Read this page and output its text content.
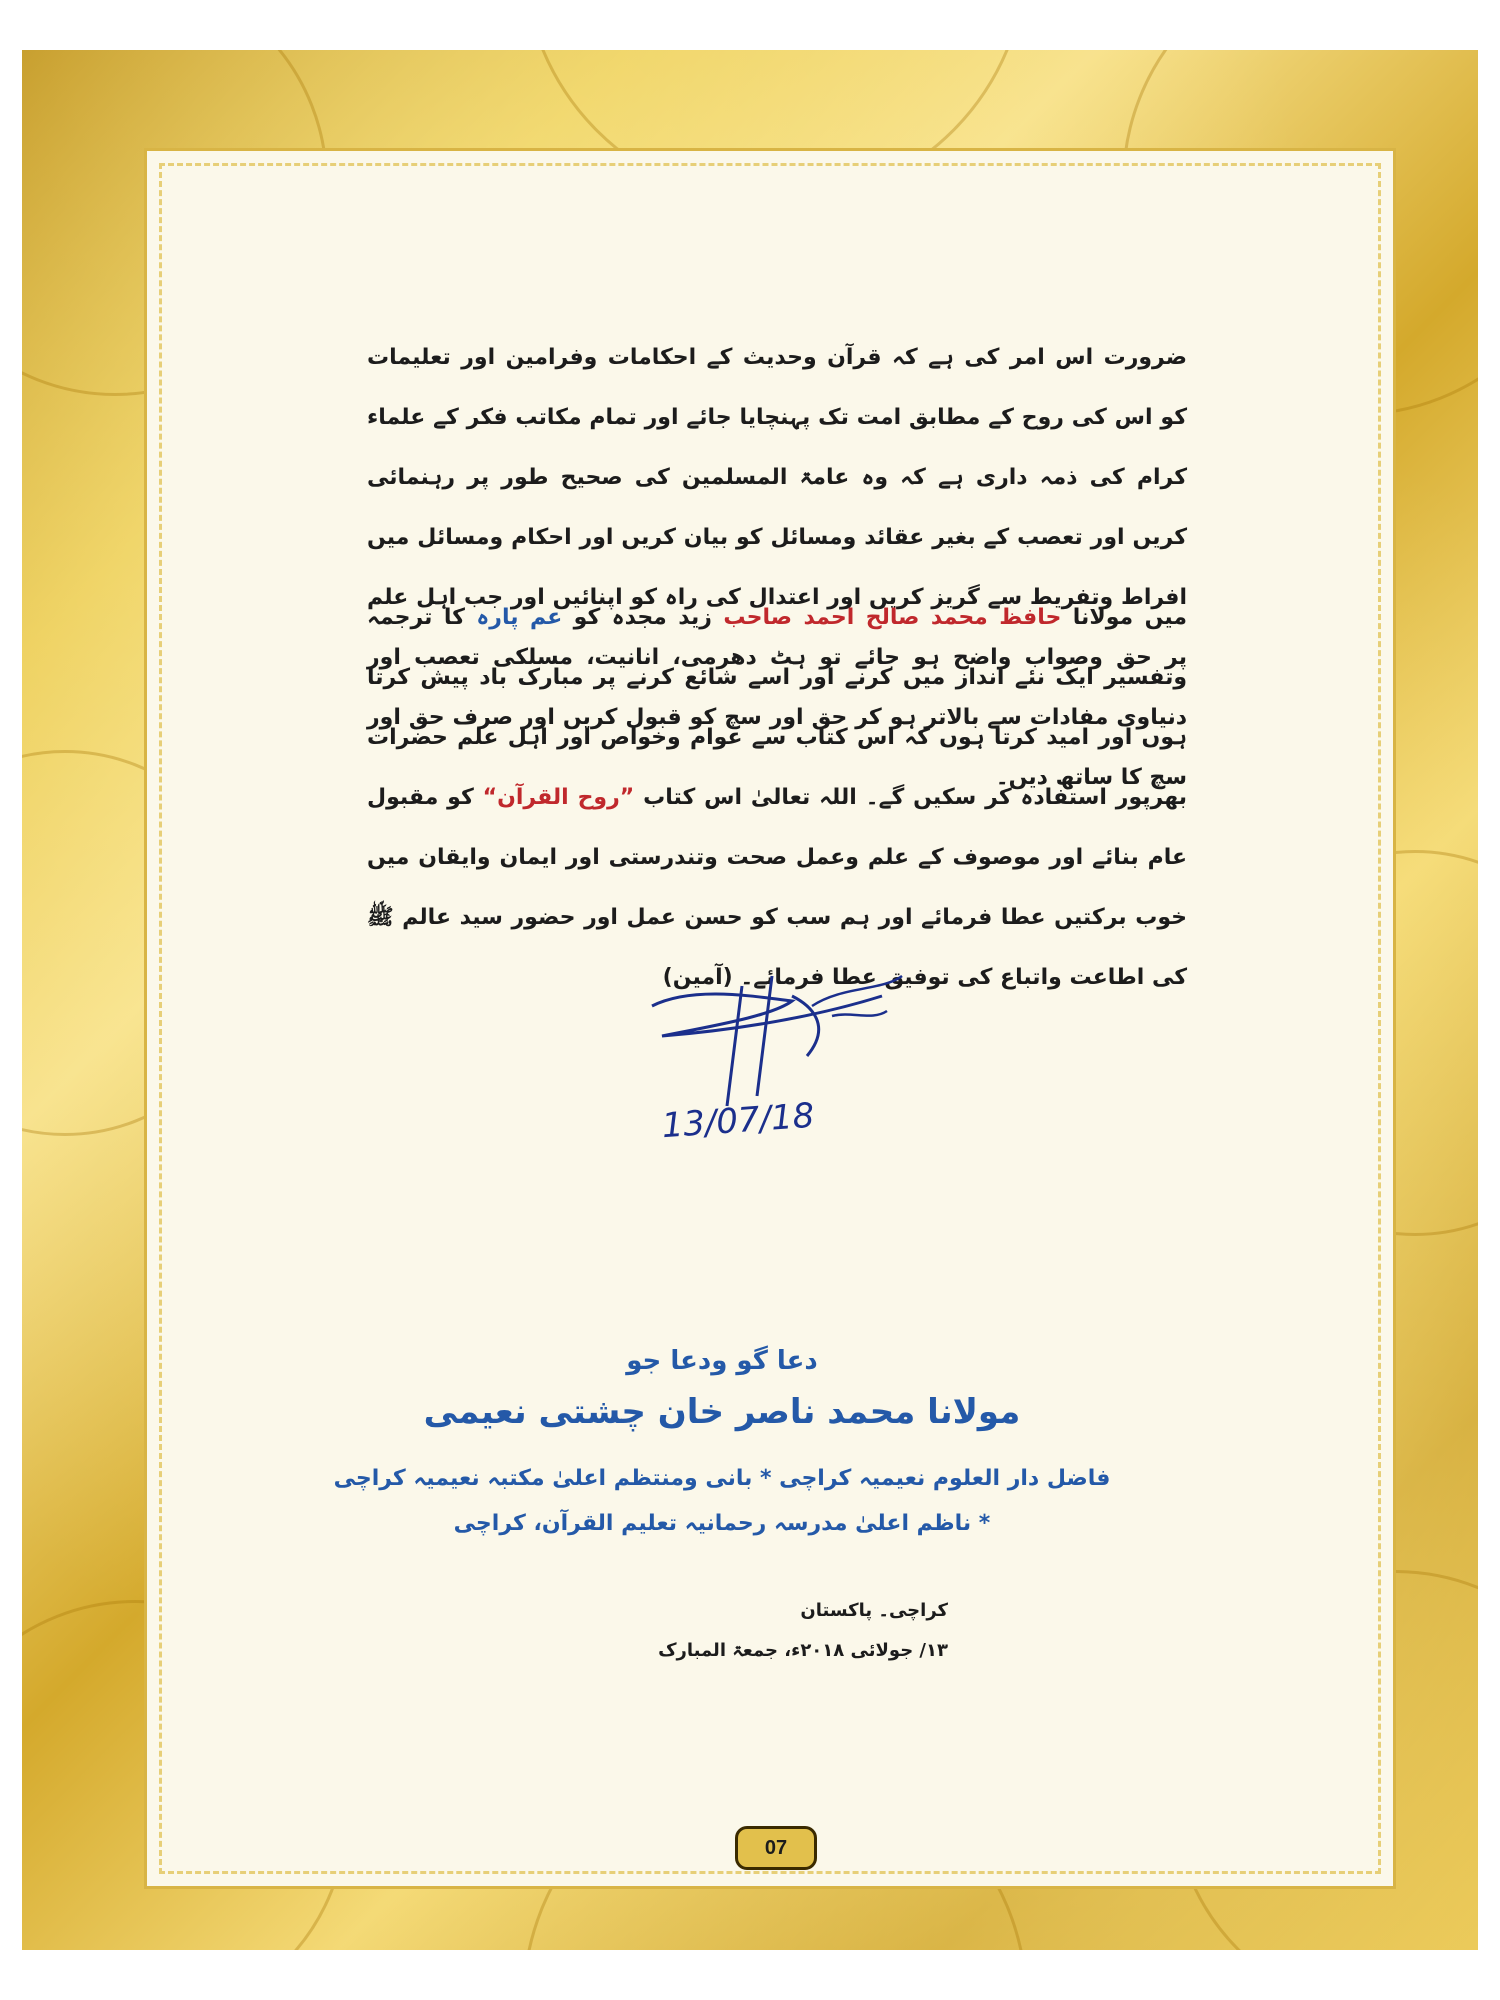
ضرورت اس امر کی ہے کہ قرآن وحدیث کے احکامات وفرامین اور تعلیمات کو اس کی روح کے مطابق امت تک پہنچایا جائے اور تمام مکاتب فکر کے علماء کرام کی ذمہ داری ہے کہ وہ عامۃ المسلمین کی صحیح طور پر رہنمائی کریں اور تعصب کے بغیر عقائد ومسائل کو بیان کریں اور احکام ومسائل میں افراط وتفریط سے گریز کریں اور اعتدال کی راہ کو اپنائیں اور جب اہل علم پر حق وصواب واضح ہو جائے تو ہٹ دھرمی، انانیت، مسلکی تعصب اور دنیاوی مفادات سے بالاتر ہو کر حق اور سچ کو قبول کریں اور صرف حق اور سچ کا ساتھ دیں۔

میں مولانا حافظ محمد صالح احمد صاحب زید مجدہ کو عم پارہ کا ترجمہ وتفسیر ایک نئے انداز میں کرنے اور اسے شائع کرنے پر مبارک باد پیش کرتا ہوں اور امید کرتا ہوں کہ اس کتاب سے عوام وخواص اور اہل علم حضرات بھرپور استفادہ کر سکیں گے۔ اللہ تعالیٰ اس کتاب ”روح القرآن“ کو مقبول عام بنائے اور موصوف کے علم وعمل صحت وتندرستی اور ایمان وایقان میں خوب برکتیں عطا فرمائے اور ہم سب کو حسن عمل اور حضور سید عالم ﷺ کی اطاعت واتباع کی توفیق عطا فرمائے۔ (آمین)

13/07/18
دعا گو ودعا جو
مولانا محمد ناصر خان چشتی نعیمی
فاضل دار العلوم نعیمیہ کراچی * بانی ومنتظم اعلیٰ مکتبہ نعیمیہ کراچی
* ناظم اعلیٰ مدرسہ رحمانیہ تعلیم القرآن، کراچی
کراچی۔ پاکستان
۱۳/ جولائی ۲۰۱۸ء، جمعۃ المبارک
07
